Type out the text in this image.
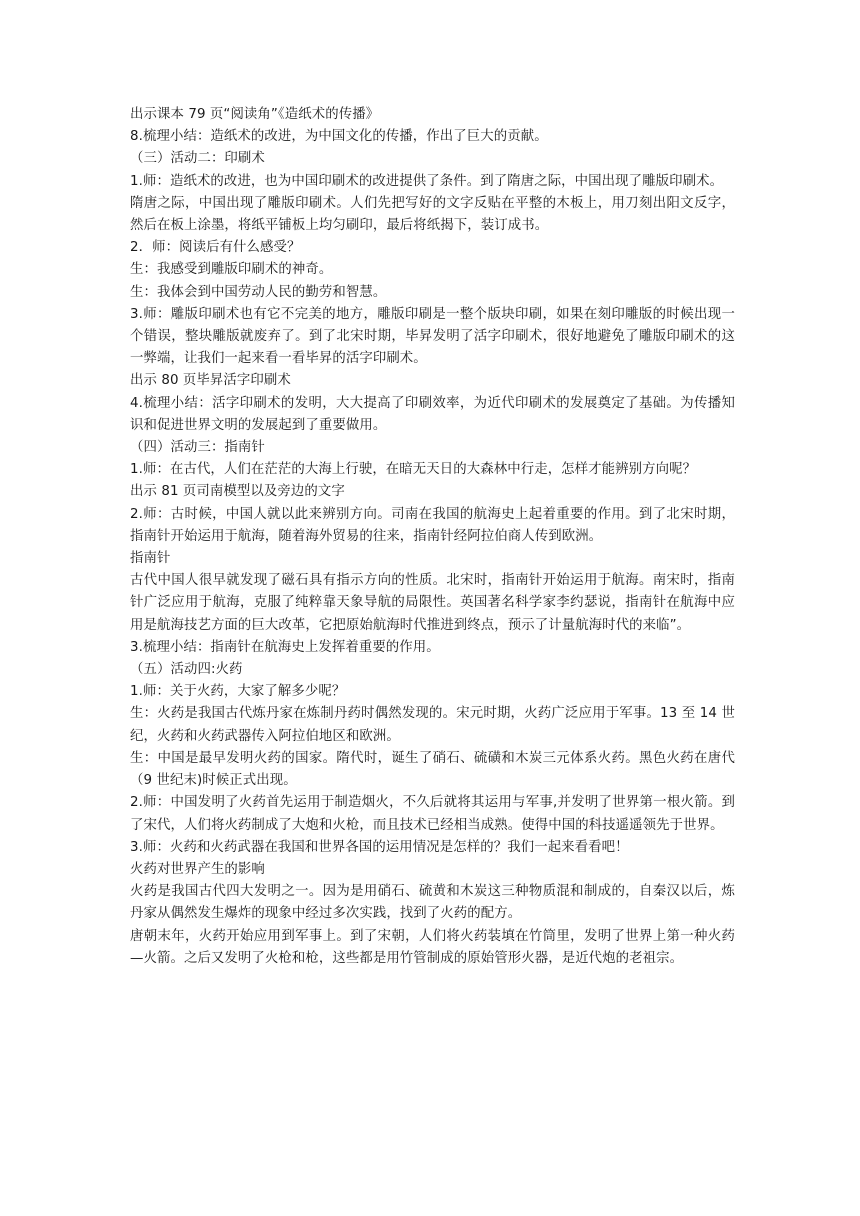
出示课本 79 页“阅读角”《造纸术的传播》

8.梳理小结：造纸术的改进，为中国文化的传播，作出了巨大的贡献。

（三）活动二：印刷术

1.师：造纸术的改进，也为中国印刷术的改进提供了条件。到了隋唐之际，中国出现了雕版印刷术。

隋唐之际，中国出现了雕版印刷术。人们先把写好的文字反贴在平整的木板上，用刀刻出阳文反字，然后在板上涂墨，将纸平铺板上均匀刷印，最后将纸揭下，装订成书。

2．师：阅读后有什么感受？

生：我感受到雕版印刷术的神奇。

生：我体会到中国劳动人民的勤劳和智慧。

3.师：雕版印刷术也有它不完美的地方，雕版印刷是一整个版块印刷，如果在刻印雕版的时候出现一个错误，整块雕版就废弃了。到了北宋时期，毕昇发明了活字印刷术，很好地避免了雕版印刷术的这一弊端，让我们一起来看一看毕昇的活字印刷术。

出示 80 页毕昇活字印刷术

4.梳理小结：活字印刷术的发明，大大提高了印刷效率，为近代印刷术的发展奠定了基础。为传播知识和促进世界文明的发展起到了重要做用。

（四）活动三：指南针

1.师：在古代，人们在茫茫的大海上行驶，在暗无天日的大森林中行走，怎样才能辨别方向呢？

出示 81 页司南模型以及旁边的文字

2.师：古时候，中国人就以此来辨别方向。司南在我国的航海史上起着重要的作用。到了北宋时期，指南针开始运用于航海，随着海外贸易的往来，指南针经阿拉伯商人传到欧洲。

指南针

古代中国人很早就发现了磁石具有指示方向的性质。北宋时，指南针开始运用于航海。南宋时，指南针广泛应用于航海，克服了纯粹靠天象导航的局限性。英国著名科学家李约瑟说，指南针在航海中应用是航海技艺方面的巨大改革，它把原始航海时代推进到终点，预示了计量航海时代的来临”。

3.梳理小结：指南针在航海史上发挥着重要的作用。

（五）活动四:火药

1.师：关于火药，大家了解多少呢？

生：火药是我国古代炼丹家在炼制丹药时偶然发现的。宋元时期，火药广泛应用于军事。13 至 14 世纪，火药和火药武器传入阿拉伯地区和欧洲。

生：中国是最早发明火药的国家。隋代时，诞生了硝石、硫磺和木炭三元体系火药。黑色火药在唐代（9 世纪末)时候正式出现。

2.师：中国发明了火药首先运用于制造烟火，不久后就将其运用与军事,并发明了世界第一根火箭。到了宋代，人们将火药制成了大炮和火枪，而且技术已经相当成熟。使得中国的科技遥遥领先于世界。

3.师：火药和火药武器在我国和世界各国的运用情况是怎样的？我们一起来看看吧！

火药对世界产生的影响

火药是我国古代四大发明之一。因为是用硝石、硫黄和木炭这三种物质混和制成的，自秦汉以后，炼丹家从偶然发生爆炸的现象中经过多次实践，找到了火药的配方。

唐朝末年，火药开始应用到军事上。到了宋朝，人们将火药装填在竹筒里，发明了世界上第一种火药—火箭。之后又发明了火枪和枪，这些都是用竹管制成的原始管形火器，是近代炮的老祖宗。
